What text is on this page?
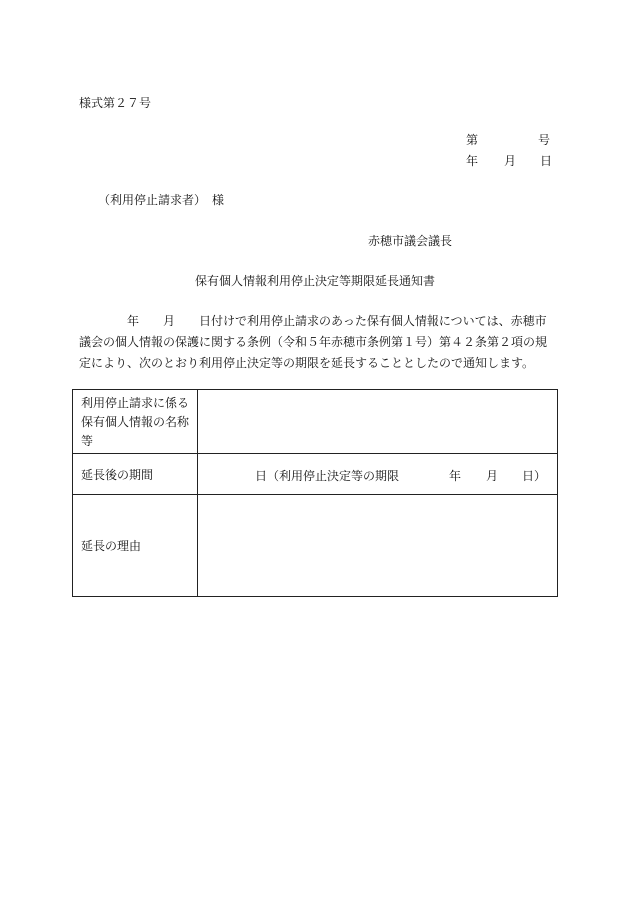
様式第２７号
第	号
年 月 日
（利用停止請求者）　様
赤穂市議会議長
保有個人情報利用停止決定等期限延長通知書
　　　　年　　月　　日付けで利用停止請求のあった保有個人情報については、赤穂市
議会の個人情報の保護に関する条例（令和５年赤穂市条例第１号）第４２条第２項の規
定により、次のとおり利用停止決定等の期限を延長することとしたので通知します。
利用停止請求に係る
保有個人情報の名称
等	

延長後の期間	日（利用停止決定等の期限 年 月 日）

延長の理由	
